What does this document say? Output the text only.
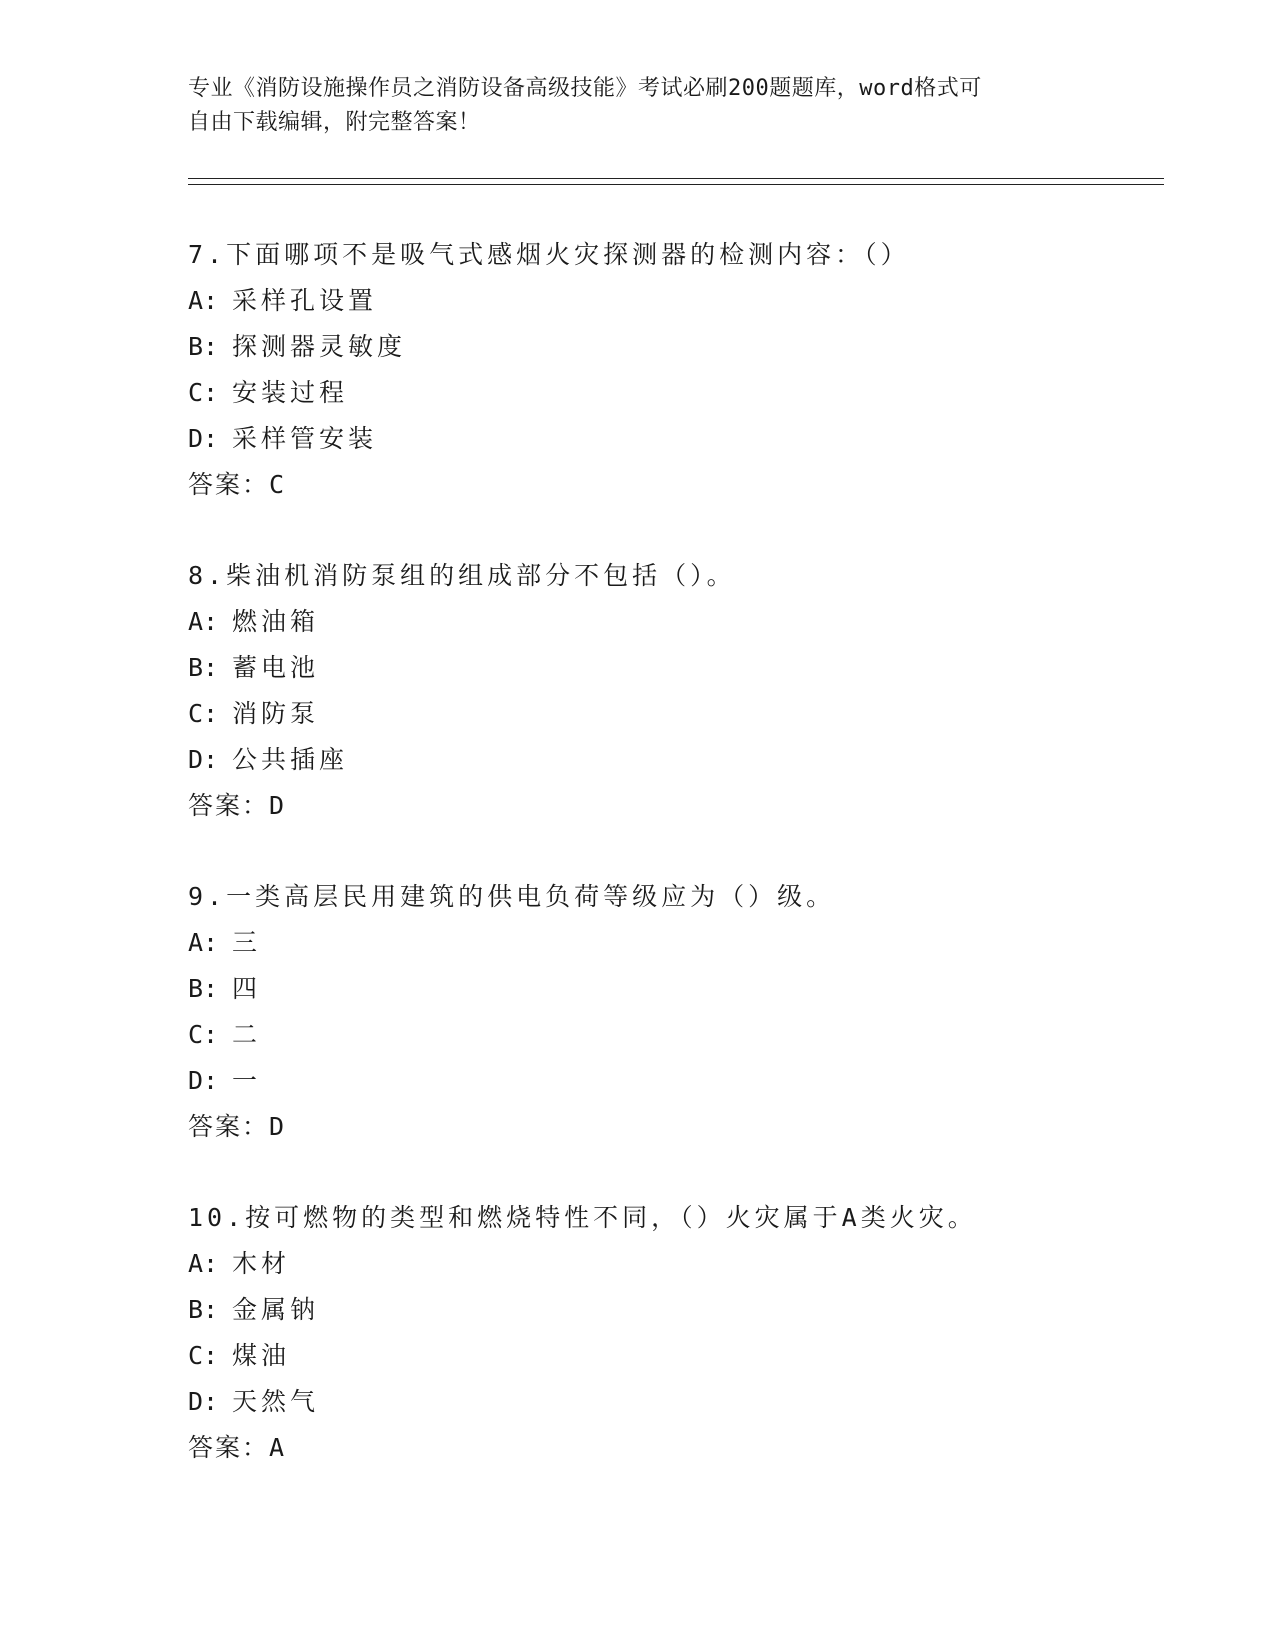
专业《消防设施操作员之消防设备高级技能》考试必刷200题题库，word格式可
自由下载编辑，附完整答案！
7.下面哪项不是吸气式感烟火灾探测器的检测内容：（）
A: 采样孔设置
B: 探测器灵敏度
C: 安装过程
D: 采样管安装
答案：C
8.柴油机消防泵组的组成部分不包括（）。
A: 燃油箱
B: 蓄电池
C: 消防泵
D: 公共插座
答案：D
9.一类高层民用建筑的供电负荷等级应为（）级。
A: 三
B: 四
C: 二
D: 一
答案：D
10.按可燃物的类型和燃烧特性不同，（）火灾属于A类火灾。
A: 木材
B: 金属钠
C: 煤油
D: 天然气
答案：A
